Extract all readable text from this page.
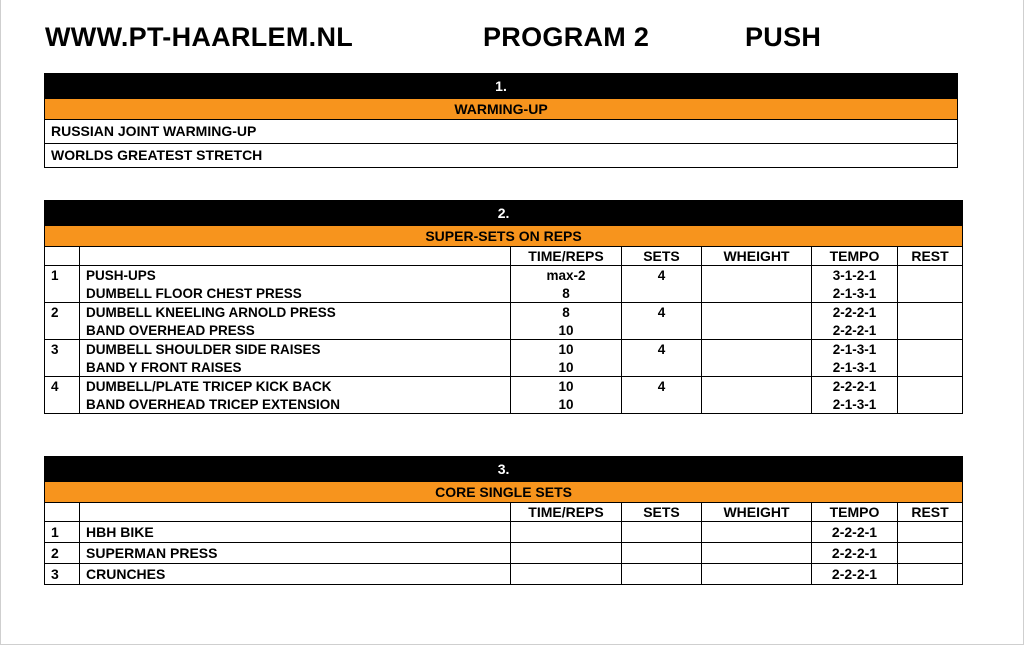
WWW.PT-HAARLEM.NL	PROGRAM 2	PUSH
1.
WARMING-UP
RUSSIAN JOINT WARMING-UP
WORLDS GREATEST STRETCH
2.						
SUPER-SETS ON REPS						
		TIME/REPS	SETS	WHEIGHT	TEMPO	REST
1	PUSH-UPS	max-2	4		3-1-2-1	
	DUMBELL FLOOR CHEST PRESS	8			2-1-3-1	
2	DUMBELL KNEELING ARNOLD PRESS	8	4		2-2-2-1	
	BAND OVERHEAD PRESS	10			2-2-2-1	
3	DUMBELL SHOULDER SIDE RAISES	10	4		2-1-3-1	
	BAND Y FRONT RAISES	10			2-1-3-1	
4	DUMBELL/PLATE TRICEP KICK BACK	10	4		2-2-2-1	
	BAND OVERHEAD TRICEP EXTENSION	10			2-1-3-1	
3.						
CORE SINGLE SETS						
		TIME/REPS	SETS	WHEIGHT	TEMPO	REST
1	HBH BIKE				2-2-2-1	
2	SUPERMAN PRESS				2-2-2-1	
3	CRUNCHES				2-2-2-1	
